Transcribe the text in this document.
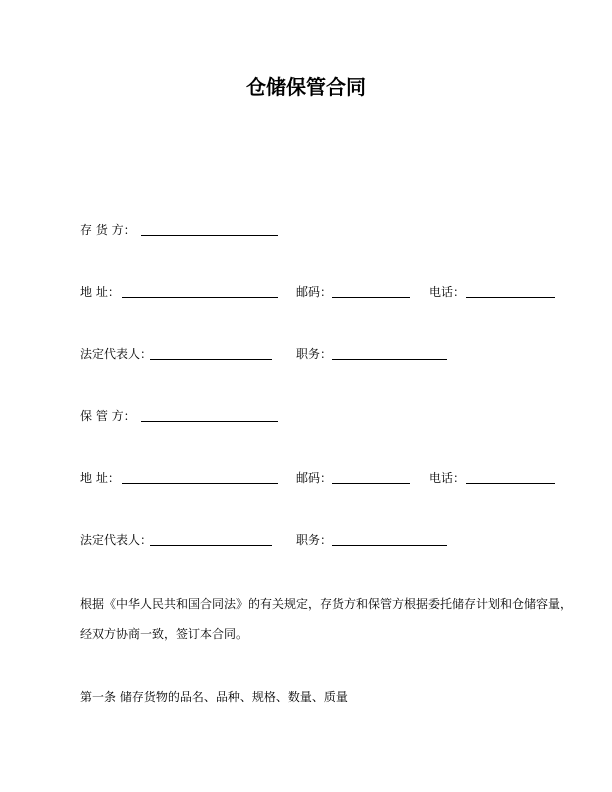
仓储保管合同
存 货 方：
地 址：	邮码：	电话：
法定代表人：	职务：
保 管 方：
地 址：	邮码：	电话：
法定代表人：	职务：
根据《中华人民共和国合同法》的有关规定，存货方和保管方根据委托储存计划和仓储容量，
经双方协商一致，签订本合同。
第一条 储存货物的品名、品种、规格、数量、质量
